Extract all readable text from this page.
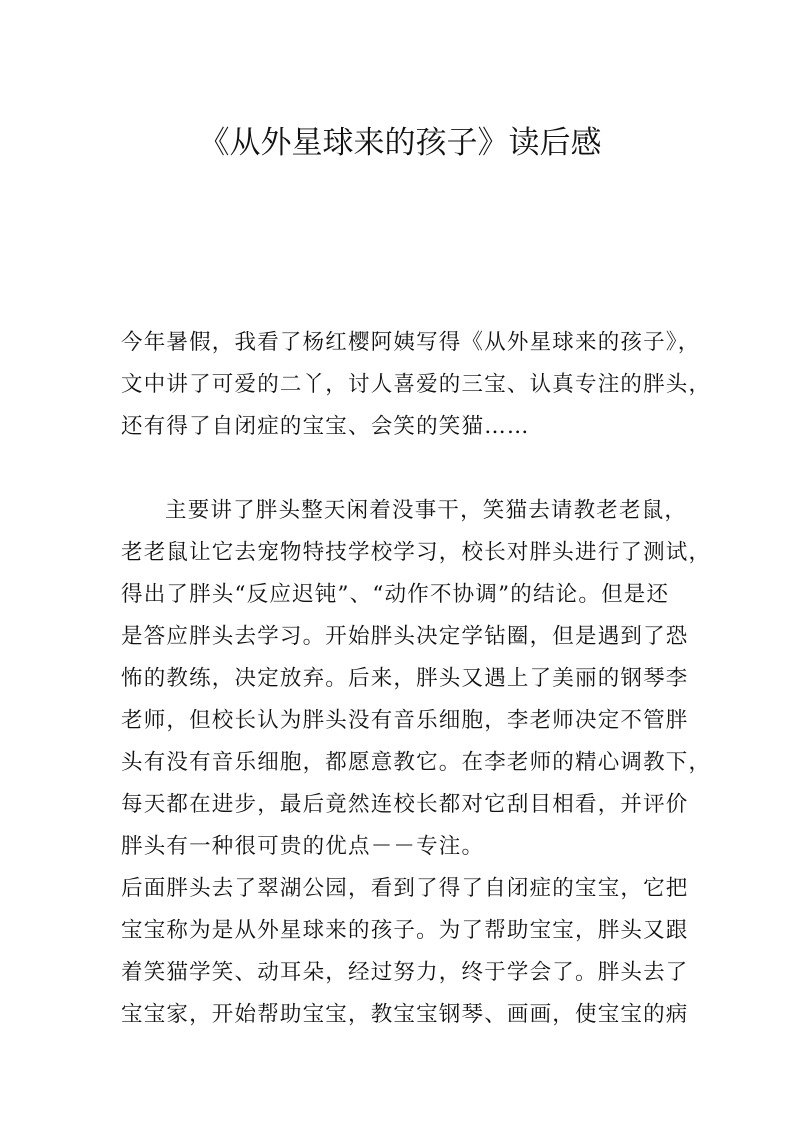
《从外星球来的孩子》读后感
今年暑假，我看了杨红樱阿姨写得《从外星球来的孩子》，
文中讲了可爱的二丫，讨人喜爱的三宝、认真专注的胖头，
还有得了自闭症的宝宝、会笑的笑猫……
主要讲了胖头整天闲着没事干，笑猫去请教老老鼠，
老老鼠让它去宠物特技学校学习，校长对胖头进行了测试，
得出了胖头“反应迟钝”、“动作不协调”的结论。但是还
是答应胖头去学习。开始胖头决定学钻圈，但是遇到了恐
怖的教练，决定放弃。后来，胖头又遇上了美丽的钢琴李
老师，但校长认为胖头没有音乐细胞，李老师决定不管胖
头有没有音乐细胞，都愿意教它。在李老师的精心调教下，
每天都在进步，最后竟然连校长都对它刮目相看，并评价
胖头有一种很可贵的优点－－专注。
后面胖头去了翠湖公园，看到了得了自闭症的宝宝，它把
宝宝称为是从外星球来的孩子。为了帮助宝宝，胖头又跟
着笑猫学笑、动耳朵，经过努力，终于学会了。胖头去了
宝宝家，开始帮助宝宝，教宝宝钢琴、画画，使宝宝的病
